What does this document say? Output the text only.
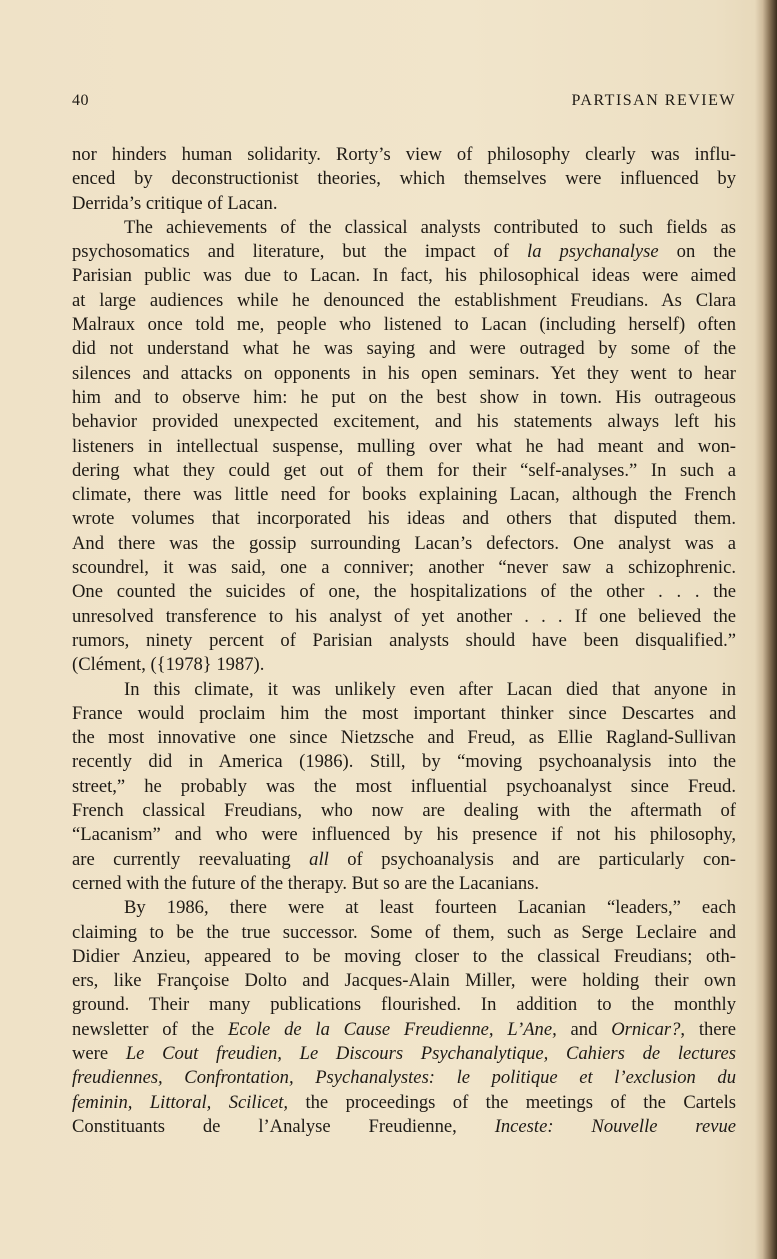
40	PARTISAN REVIEW
nor hinders human solidarity. Rorty’s view of philosophy clearly was influ-
enced by deconstructionist theories, which themselves were influenced by
Derrida’s critique of Lacan.
The achievements of the classical analysts contributed to such fields as
psychosomatics and literature, but the impact of la psychanalyse on the
Parisian public was due to Lacan. In fact, his philosophical ideas were aimed
at large audiences while he denounced the establishment Freudians. As Clara
Malraux once told me, people who listened to Lacan (including herself) often
did not understand what he was saying and were outraged by some of the
silences and attacks on opponents in his open seminars. Yet they went to hear
him and to observe him: he put on the best show in town. His outrageous
behavior provided unexpected excitement, and his statements always left his
listeners in intellectual suspense, mulling over what he had meant and won-
dering what they could get out of them for their “self-analyses.” In such a
climate, there was little need for books explaining Lacan, although the French
wrote volumes that incorporated his ideas and others that disputed them.
And there was the gossip surrounding Lacan’s defectors. One analyst was a
scoundrel, it was said, one a conniver; another “never saw a schizophrenic.
One counted the suicides of one, the hospitalizations of the other . . . the
unresolved transference to his analyst of yet another . . . If one believed the
rumors, ninety percent of Parisian analysts should have been disqualified.”
(Clément, ({1978} 1987).
In this climate, it was unlikely even after Lacan died that anyone in
France would proclaim him the most important thinker since Descartes and
the most innovative one since Nietzsche and Freud, as Ellie Ragland-Sullivan
recently did in America (1986). Still, by “moving psychoanalysis into the
street,” he probably was the most influential psychoanalyst since Freud.
French classical Freudians, who now are dealing with the aftermath of
“Lacanism” and who were influenced by his presence if not his philosophy,
are currently reevaluating all of psychoanalysis and are particularly con-
cerned with the future of the therapy. But so are the Lacanians.
By 1986, there were at least fourteen Lacanian “leaders,” each
claiming to be the true successor. Some of them, such as Serge Leclaire and
Didier Anzieu, appeared to be moving closer to the classical Freudians; oth-
ers, like Françoise Dolto and Jacques-Alain Miller, were holding their own
ground. Their many publications flourished. In addition to the monthly
newsletter of the Ecole de la Cause Freudienne, L’Ane, and Ornicar?, there
were Le Cout freudien, Le Discours Psychanalytique, Cahiers de lectures
freudiennes, Confrontation, Psychanalystes: le politique et l’exclusion du
feminin, Littoral, Scilicet, the proceedings of the meetings of the Cartels
Constituants de l’Analyse Freudienne, Inceste: Nouvelle revue
